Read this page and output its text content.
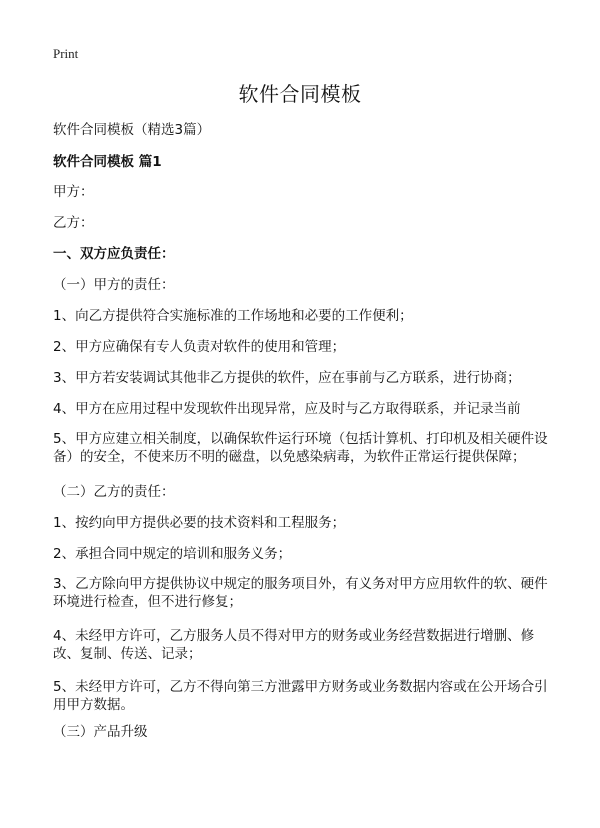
Print
软件合同模板

软件合同模板（精选3篇）

软件合同模板 篇1

甲方：

乙方：

一、双方应负责任：

（一）甲方的责任：

1、向乙方提供符合实施标准的工作场地和必要的工作便利；

2、甲方应确保有专人负责对软件的使用和管理；

3、甲方若安装调试其他非乙方提供的软件，应在事前与乙方联系，进行协商；

4、甲方在应用过程中发现软件出现异常，应及时与乙方取得联系，并记录当前

5、甲方应建立相关制度，以确保软件运行环境（包括计算机、打印机及相关硬件设备）的安全，不使来历不明的磁盘，以免感染病毒，为软件正常运行提供保障；

（二）乙方的责任：

1、按约向甲方提供必要的技术资料和工程服务；

2、承担合同中规定的培训和服务义务；

3、乙方除向甲方提供协议中规定的服务项目外，有义务对甲方应用软件的软、硬件环境进行检查，但不进行修复；

4、未经甲方许可，乙方服务人员不得对甲方的财务或业务经营数据进行增删、修改、复制、传送、记录；

5、未经甲方许可，乙方不得向第三方泄露甲方财务或业务数据内容或在公开场合引用甲方数据。

（三）产品升级
